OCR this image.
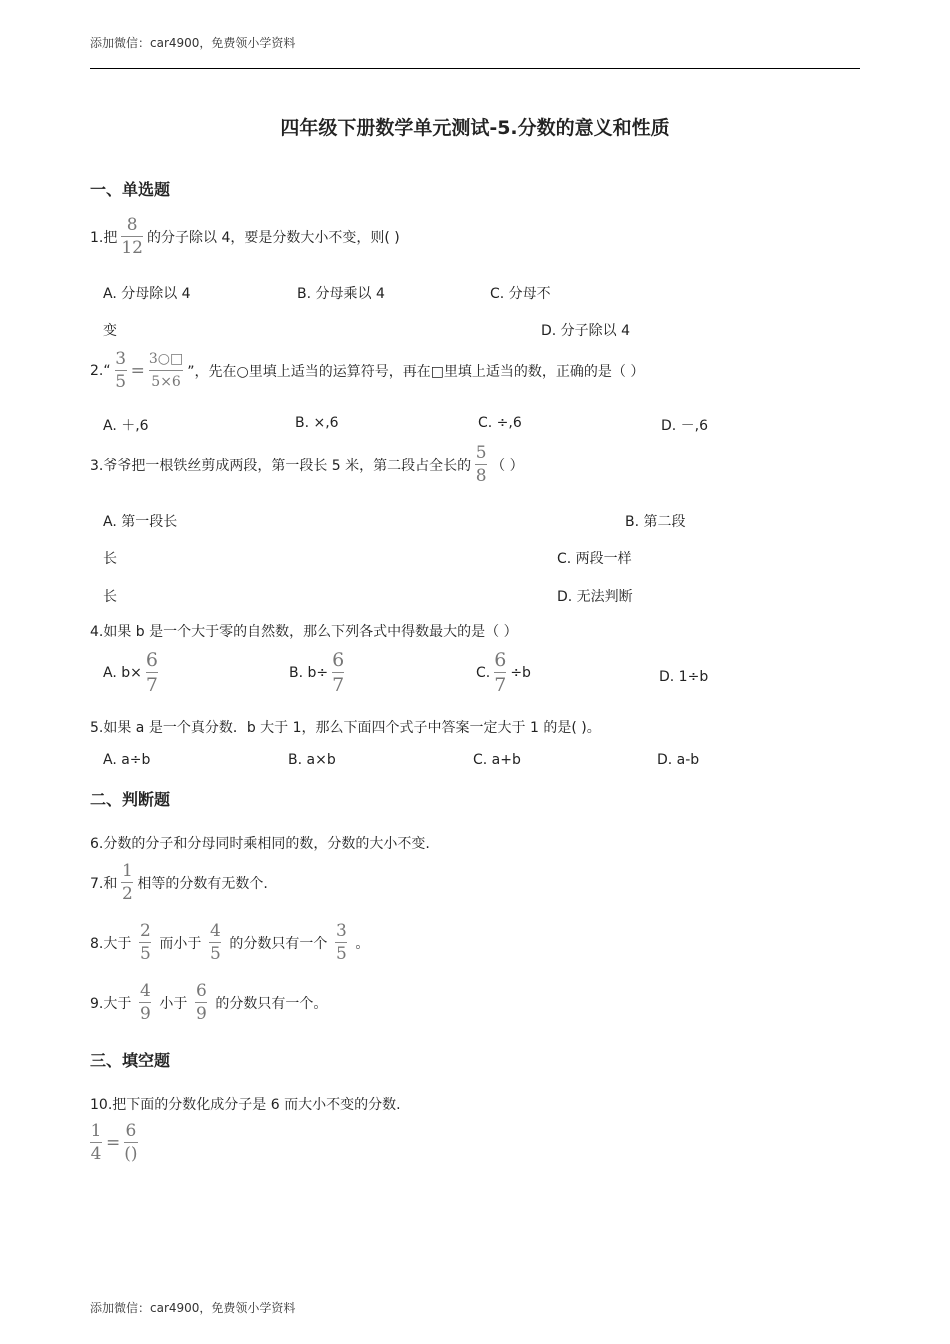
添加微信：car4900，免费领小学资料
四年级下册数学单元测试-5.分数的意义和性质
一、单选题
1.把 $\frac{8}{12}$ 的分子除以 4，要是分数大小不变，则( )
A. 分母除以 4	B. 分母乘以 4	C. 分母不
变	D. 分子除以 4
2.“ $\frac{3}{5} = \frac{3○□}{5\times 6}$ ”，先在○里填上适当的运算符号，再在□里填上适当的数，正确的是（ ）
A. ＋,6	B. ×,6	C. ÷,6	D. －,6
3.爷爷把一根铁丝剪成两段，第一段长 5 米，第二段占全长的 $\frac{5}{8}$ （ ）
A. 第一段长	B. 第二段
长	C. 两段一样
长	D. 无法判断
4.如果 b 是一个大于零的自然数，那么下列各式中得数最大的是（ ）
A. $b\times \frac{6}{7}$	B. $b\div \frac{6}{7}$	C. $\frac{6}{7} \div b$	D. 1÷b
5.如果 a 是一个真分数．b 大于 1，那么下面四个式子中答案一定大于 1 的是( )。
A. a÷b	B. a×b	C. a+b	D. a-b
二、判断题
6.分数的分子和分母同时乘相同的数，分数的大小不变.
7.和 $\frac{1}{2}$ 相等的分数有无数个.
8.大于 $\frac{2}{5}$ 而小于 $\frac{4}{5}$ 的分数只有一个 $\frac{3}{5}$ 。
9.大于 $\frac{4}{9}$ 小于 $\frac{6}{9}$ 的分数只有一个。
三、填空题
10.把下面的分数化成分子是 6 而大小不变的分数.
$\frac{1}{4} = \frac{6}{()}$
添加微信：car4900，免费领小学资料
